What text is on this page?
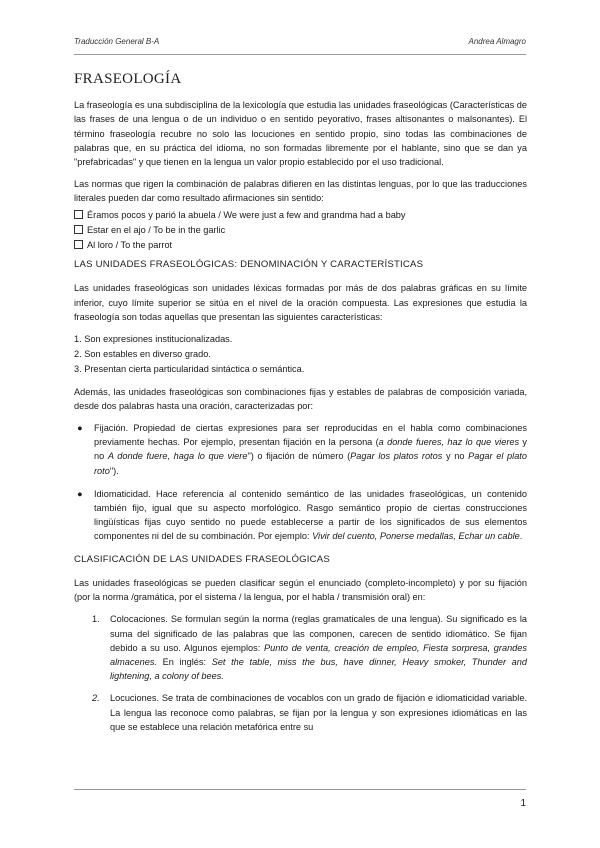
Traducción General B-A	Andrea Almagro
FRASEOLOGÍA

La fraseología es una subdisciplina de la lexicología que estudia las unidades fraseológicas (Características de las frases de una lengua o de un individuo o en sentido peyorativo, frases altisonantes o malsonantes). El término fraseología recubre no solo las locuciones en sentido propio, sino todas las combinaciones de palabras que, en su práctica del idioma, no son formadas libremente por el hablante, sino que se dan ya "prefabricadas" y que tienen en la lengua un valor propio establecido por el uso tradicional.

Las normas que rigen la combinación de palabras difieren en las distintas lenguas, por lo que las traducciones literales pueden dar como resultado afirmaciones sin sentido:

Éramos pocos y parió la abuela / We were just a few and grandma had a baby
Estar en el ajo / To be in the garlic
Al loro / To the parrot
LAS UNIDADES FRASEOLÓGICAS: DENOMINACIÓN Y CARACTERÍSTICAS

Las unidades fraseológicas son unidades léxicas formadas por más de dos palabras gráficas en su límite inferior, cuyo límite superior se sitúa en el nivel de la oración compuesta. Las expresiones que estudia la fraseología son todas aquellas que presentan las siguientes características:

1. Son expresiones institucionalizadas.
2. Son estables en diverso grado.
3. Presentan cierta particularidad sintáctica o semántica.

Además, las unidades fraseológicas son combinaciones fijas y estables de palabras de composición variada, desde dos palabras hasta una oración, caracterizadas por:

● Fijación. Propiedad de ciertas expresiones para ser reproducidas en el habla como combinaciones previamente hechas. Por ejemplo, presentan fijación en la persona (a donde fueres, haz lo que vieres y no A donde fuere, haga lo que viere") o fijación de número (Pagar los platos rotos y no Pagar el plato roto").
● Idiomaticidad. Hace referencia al contenido semántico de las unidades fraseológicas, un contenido también fijo, igual que su aspecto morfológico. Rasgo semántico propio de ciertas construcciones lingüísticas fijas cuyo sentido no puede establecerse a partir de los significados de sus elementos componentes ni del de su combinación. Por ejemplo: Vivir del cuento, Ponerse medallas, Echar un cable.
CLASIFICACIÓN DE LAS UNIDADES FRASEOLÓGICAS

Las unidades fraseológicas se pueden clasificar según el enunciado (completo-incompleto) y por su fijación (por la norma /gramática, por el sistema / la lengua, por el habla / transmisión oral) en:

1. Colocaciones. Se formulan según la norma (reglas gramaticales de una lengua). Su significado es la suma del significado de las palabras que las componen, carecen de sentido idiomático. Se fijan debido a su uso. Algunos ejemplos: Punto de venta, creación de empleo, Fiesta sorpresa, grandes almacenes. En inglés: Set the table, miss the bus, have dinner, Heavy smoker, Thunder and lightening, a colony of bees.
2. Locuciones. Se trata de combinaciones de vocablos con un grado de fijación e idiomaticidad variable. La lengua las reconoce como palabras, se fijan por la lengua y son expresiones idiomáticas en las que se establece una relación metafórica entre su
1
